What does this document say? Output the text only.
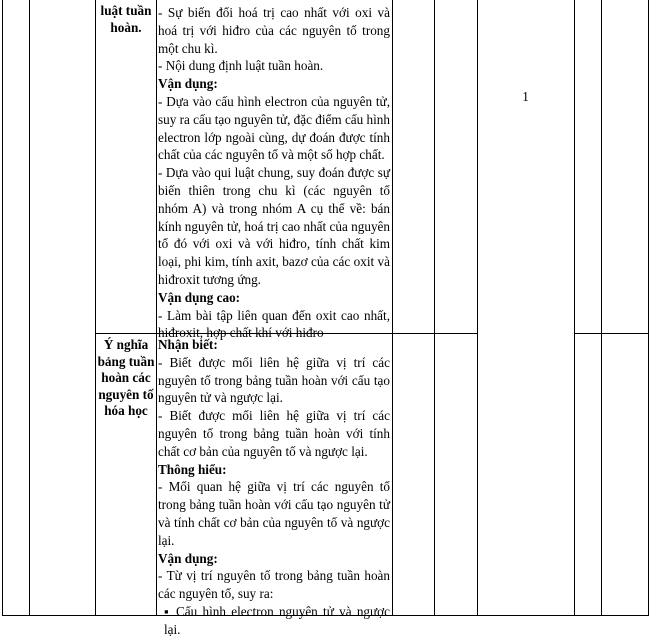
luật tuần hoàn.

- Sự biến đổi hoá trị cao nhất với oxi và hoá trị với hiđro của các nguyên tố trong một chu kì.

- Nội dung định luật tuần hoàn.

Vận dụng:

- Dựa vào cấu hình electron của nguyên tử, suy ra cấu tạo nguyên tử, đặc điểm cấu hình electron lớp ngoài cùng, dự đoán được tính chất của các nguyên tố và một số hợp chất.

- Dựa vào qui luật chung, suy đoán được sự biến thiên trong chu kì (các nguyên tố nhóm A) và trong nhóm A cụ thể về: bán kính nguyên tử, hoá trị cao nhất của nguyên tố đó với oxi và với hiđro, tính chất kim loại, phi kim, tính axit, bazơ của các oxit và hiđroxit tương ứng.

Vận dụng cao:

- Làm bài tập liên quan đến oxit cao nhất, hiđroxit, hợp chất khí với hiđro

1
Ý nghĩa bảng tuần hoàn các nguyên tố hóa học

Nhận biết:

- Biết được mối liên hệ giữa vị trí các nguyên tố trong bảng tuần hoàn với cấu tạo nguyên tử và ngược lại.

- Biết được mối liên hệ giữa vị trí các nguyên tố trong bảng tuần hoàn với tính chất cơ bản của nguyên tố và ngược lại.

Thông hiểu:

- Mối quan hệ giữa vị trí các nguyên tố trong bảng tuần hoàn với cấu tạo nguyên tử và tính chất cơ bản của nguyên tố và ngược lại.

Vận dụng:

- Từ vị trí nguyên tố trong bảng tuần hoàn các nguyên tố, suy ra:

▪ Cấu hình electron nguyên tử và ngược lại.
